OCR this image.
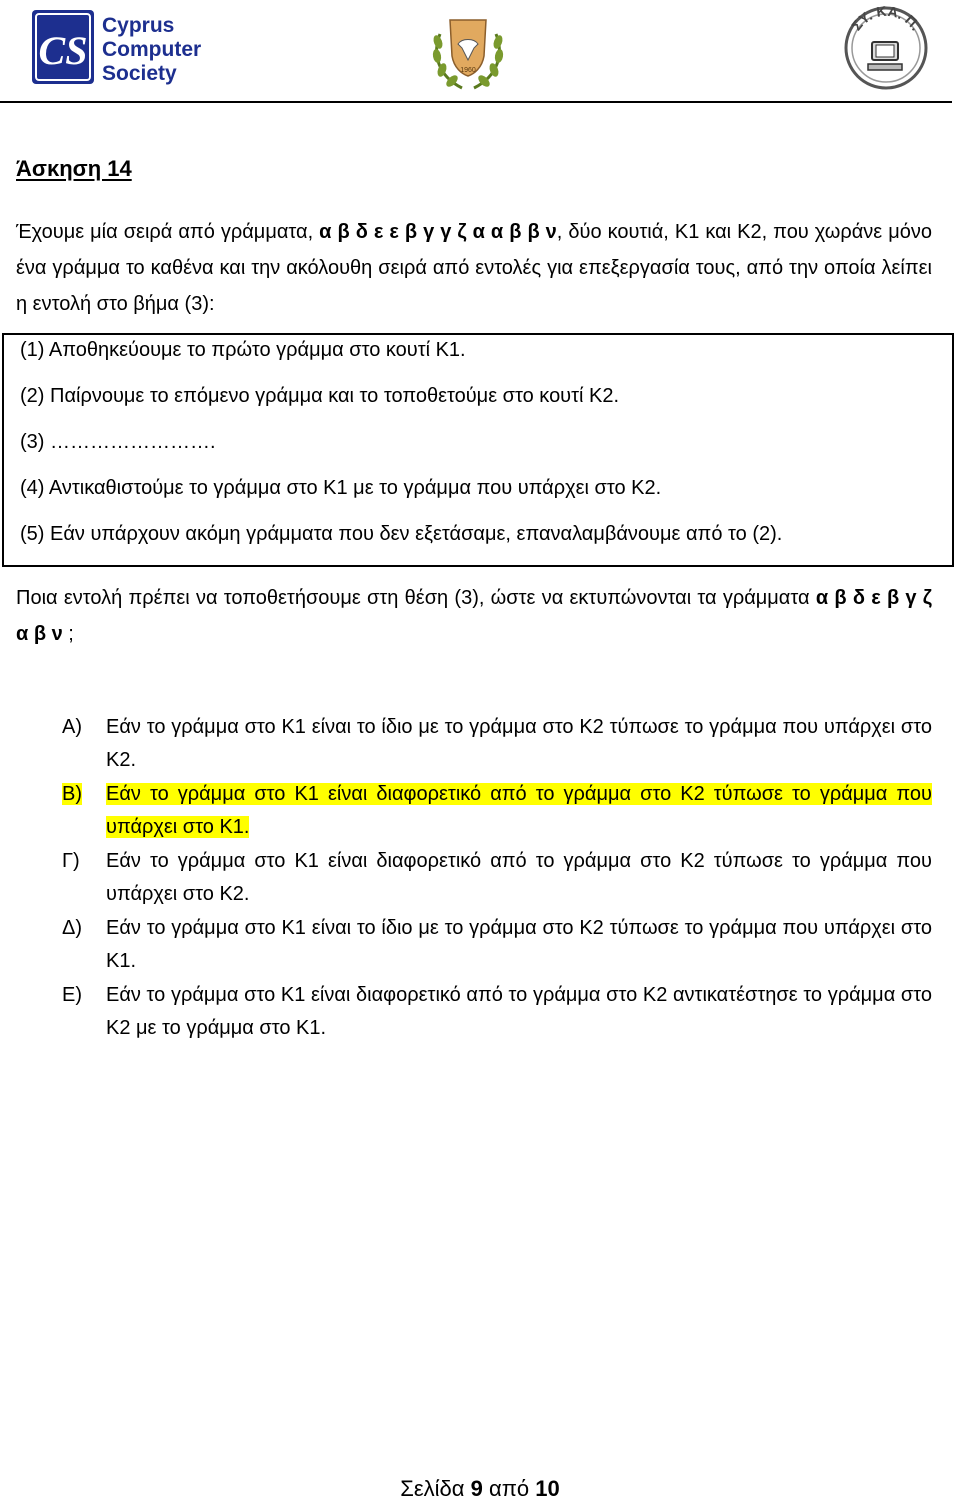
CS
Cyprus
Computer
Society	1960
ΣΥ. ΚΑ. Π.
Άσκηση 14
Έχουμε μία σειρά από γράμματα, α β δ ε ε β γ γ ζ α α β β ν, δύο κουτιά, Κ1 και Κ2, που χωράνε μόνο ένα γράμμα το καθένα και την ακόλουθη σειρά από εντολές για επεξεργασία τους, από την οποία λείπει η εντολή στο βήμα (3):
(1) Αποθηκεύουμε το πρώτο γράμμα στο κουτί Κ1.
(2) Παίρνουμε το επόμενο γράμμα και το τοποθετούμε στο κουτί Κ2.
(3) …………………….
(4) Αντικαθιστούμε το γράμμα στο Κ1 με το γράμμα που υπάρχει στο Κ2.
(5) Εάν υπάρχουν ακόμη γράμματα που δεν εξετάσαμε, επαναλαμβάνουμε από το (2).
Ποια εντολή πρέπει να τοποθετήσουμε στη θέση (3), ώστε να εκτυπώνονται τα γράμματα α β δ ε β γ ζ α β ν ;
Α)	Εάν το γράμμα στο Κ1 είναι το ίδιο με το γράμμα στο Κ2 τύπωσε το γράμμα που υπάρχει στο Κ2.
Β)	Εάν το γράμμα στο Κ1 είναι διαφορετικό από το γράμμα στο Κ2 τύπωσε το γράμμα που υπάρχει στο Κ1.
Γ)	Εάν το γράμμα στο Κ1 είναι διαφορετικό από το γράμμα στο Κ2 τύπωσε το γράμμα που υπάρχει στο Κ2.
Δ)	Εάν το γράμμα στο Κ1 είναι το ίδιο με το γράμμα στο Κ2 τύπωσε το γράμμα που υπάρχει στο Κ1.
Ε)	Εάν το γράμμα στο Κ1 είναι διαφορετικό από το γράμμα στο Κ2 αντικατέστησε το γράμμα στο Κ2 με το γράμμα στο Κ1.
Σελίδα 9 από 10
